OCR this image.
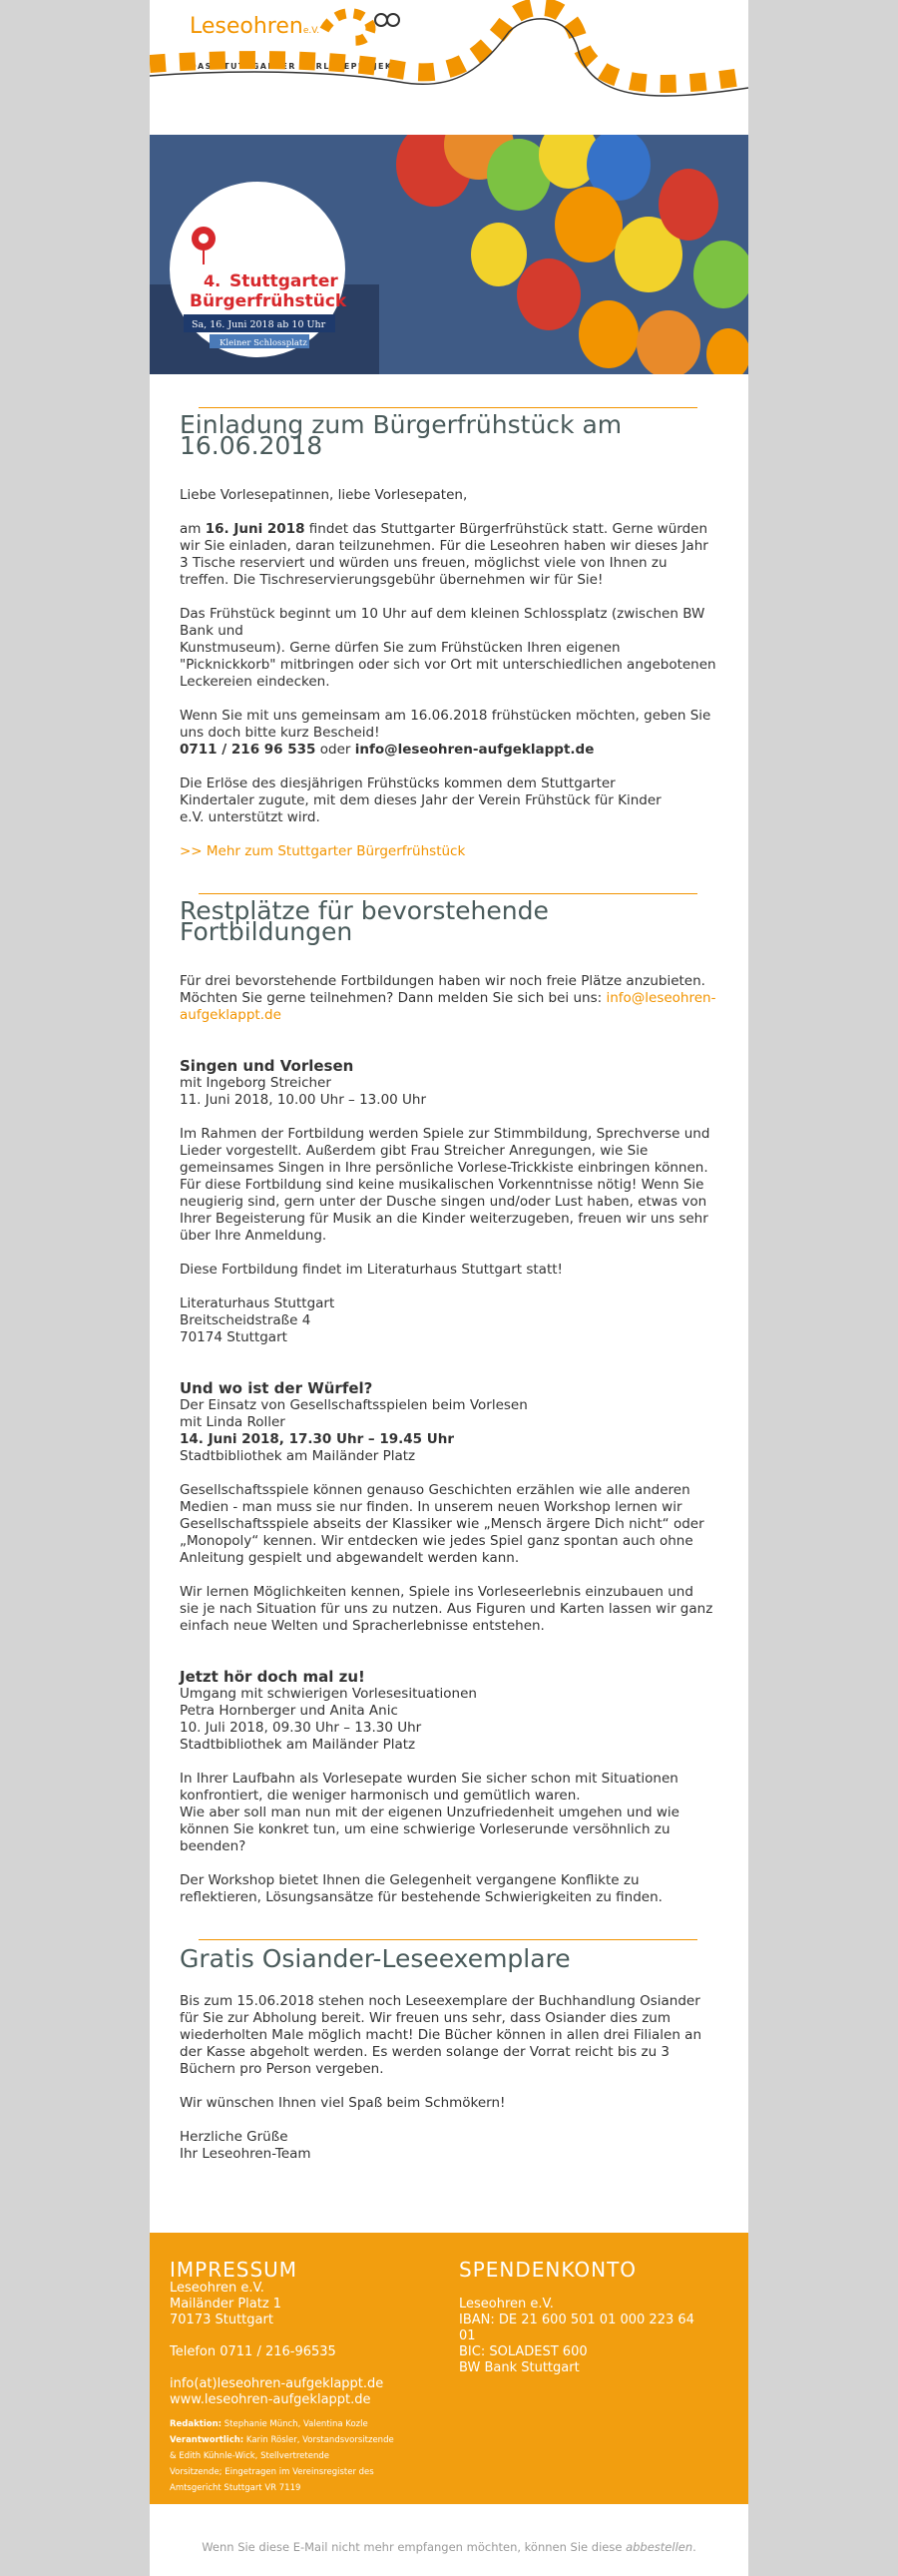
Leseohrene.V.
DAS STUTTGARTER VORLESEPROJEKT
4. Stuttgarter
Bürgerfrühstück
Sa, 16. Juni 2018 ab 10 Uhr
Kleiner Schlossplatz
Einladung zum Bürgerfrühstück am 16.06.2018

Liebe Vorlesepatinnen, liebe Vorlesepaten,

am 16. Juni 2018 findet das Stuttgarter Bürgerfrühstück statt. Gerne würden wir Sie einladen, daran teilzunehmen. Für die Leseohren haben wir dieses Jahr 3 Tische reserviert und würden uns freuen, möglichst viele von Ihnen zu treffen. Die Tischreservierungsgebühr übernehmen wir für Sie!

Das Frühstück beginnt um 10 Uhr auf dem kleinen Schlossplatz (zwischen BW Bank und

Kunstmuseum). Gerne dürfen Sie zum Frühstücken Ihren eigenen "Picknickkorb" mitbringen oder sich vor Ort mit unterschiedlichen angebotenen Leckereien eindecken.

Wenn Sie mit uns gemeinsam am 16.06.2018 frühstücken möchten, geben Sie uns doch bitte kurz Bescheid!

0711 / 216 96 535 oder info@leseohren-aufgeklappt.de

Die Erlöse des diesjährigen Frühstücks kommen dem Stuttgarter

Kindertaler zugute, mit dem dieses Jahr der Verein Frühstück für Kinder

e.V. unterstützt wird.

>> Mehr zum Stuttgarter Bürgerfrühstück

Restplätze für bevorstehende Fortbildungen

Für drei bevorstehende Fortbildungen haben wir noch freie Plätze anzubieten. Möchten Sie gerne teilnehmen? Dann melden Sie sich bei uns: info@leseohren-aufgeklappt.de

Singen und Vorlesen

mit Ingeborg Streicher

11. Juni 2018, 10.00 Uhr – 13.00 Uhr

Im Rahmen der Fortbildung werden Spiele zur Stimmbildung, Sprechverse und Lieder vorgestellt. Außerdem gibt Frau Streicher Anregungen, wie Sie gemeinsames Singen in Ihre persönliche Vorlese-Trickkiste einbringen können. Für diese Fortbildung sind keine musikalischen Vorkenntnisse nötig! Wenn Sie neugierig sind, gern unter der Dusche singen und/oder Lust haben, etwas von Ihrer Begeisterung für Musik an die Kinder weiterzugeben, freuen wir uns sehr über Ihre Anmeldung.

Diese Fortbildung findet im Literaturhaus Stuttgart statt!

Literaturhaus Stuttgart

Breitscheidstraße 4

70174 Stuttgart

Und wo ist der Würfel?

Der Einsatz von Gesellschaftsspielen beim Vorlesen

mit Linda Roller

14. Juni 2018, 17.30 Uhr – 19.45 Uhr

Stadtbibliothek am Mailänder Platz

Gesellschaftsspiele können genauso Geschichten erzählen wie alle anderen Medien - man muss sie nur finden. In unserem neuen Workshop lernen wir Gesellschaftsspiele abseits der Klassiker wie „Mensch ärgere Dich nicht“ oder „Monopoly“ kennen. Wir entdecken wie jedes Spiel ganz spontan auch ohne Anleitung gespielt und abgewandelt werden kann.

Wir lernen Möglichkeiten kennen, Spiele ins Vorleseerlebnis einzubauen und sie je nach Situation für uns zu nutzen. Aus Figuren und Karten lassen wir ganz einfach neue Welten und Spracherlebnisse entstehen.

Jetzt hör doch mal zu!

Umgang mit schwierigen Vorlesesituationen

Petra Hornberger und Anita Anic

10. Juli 2018, 09.30 Uhr – 13.30 Uhr

Stadtbibliothek am Mailänder Platz

In Ihrer Laufbahn als Vorlesepate wurden Sie sicher schon mit Situationen konfrontiert, die weniger harmonisch und gemütlich waren.

Wie aber soll man nun mit der eigenen Unzufriedenheit umgehen und wie können Sie konkret tun, um eine schwierige Vorleserunde versöhnlich zu beenden?

Der Workshop bietet Ihnen die Gelegenheit vergangene Konflikte zu reflektieren, Lösungsansätze für bestehende Schwierigkeiten zu finden.

Gratis Osiander-Leseexemplare

Bis zum 15.06.2018 stehen noch Leseexemplare der Buchhandlung Osiander für Sie zur Abholung bereit. Wir freuen uns sehr, dass Osiander dies zum wiederholten Male möglich macht! Die Bücher können in allen drei Filialen an der Kasse abgeholt werden. Es werden solange der Vorrat reicht bis zu 3 Büchern pro Person vergeben.

Wir wünschen Ihnen viel Spaß beim Schmökern!

Herzliche Grüße

Ihr Leseohren-Team

IMPRESSUM
Leseohren e.V.
Mailänder Platz 1
70173 Stuttgart
Telefon 0711 / 216-96535
info(at)leseohren-aufgeklappt.de
www.leseohren-aufgeklappt.de
Redaktion: Stephanie Münch, Valentina Kozle
Verantwortlich: Karin Rösler, Vorstandsvorsitzende
& Edith Kühnle-Wick, Stellvertretende
Vorsitzende; Eingetragen im Vereinsregister des
Amtsgericht Stuttgart VR 7119
SPENDENKONTO
Leseohren e.V.
IBAN: DE 21 600 501 01 000 223 64
01
BIC: SOLADEST 600
BW Bank Stuttgart
Wenn Sie diese E-Mail nicht mehr empfangen möchten, können Sie diese abbestellen.
